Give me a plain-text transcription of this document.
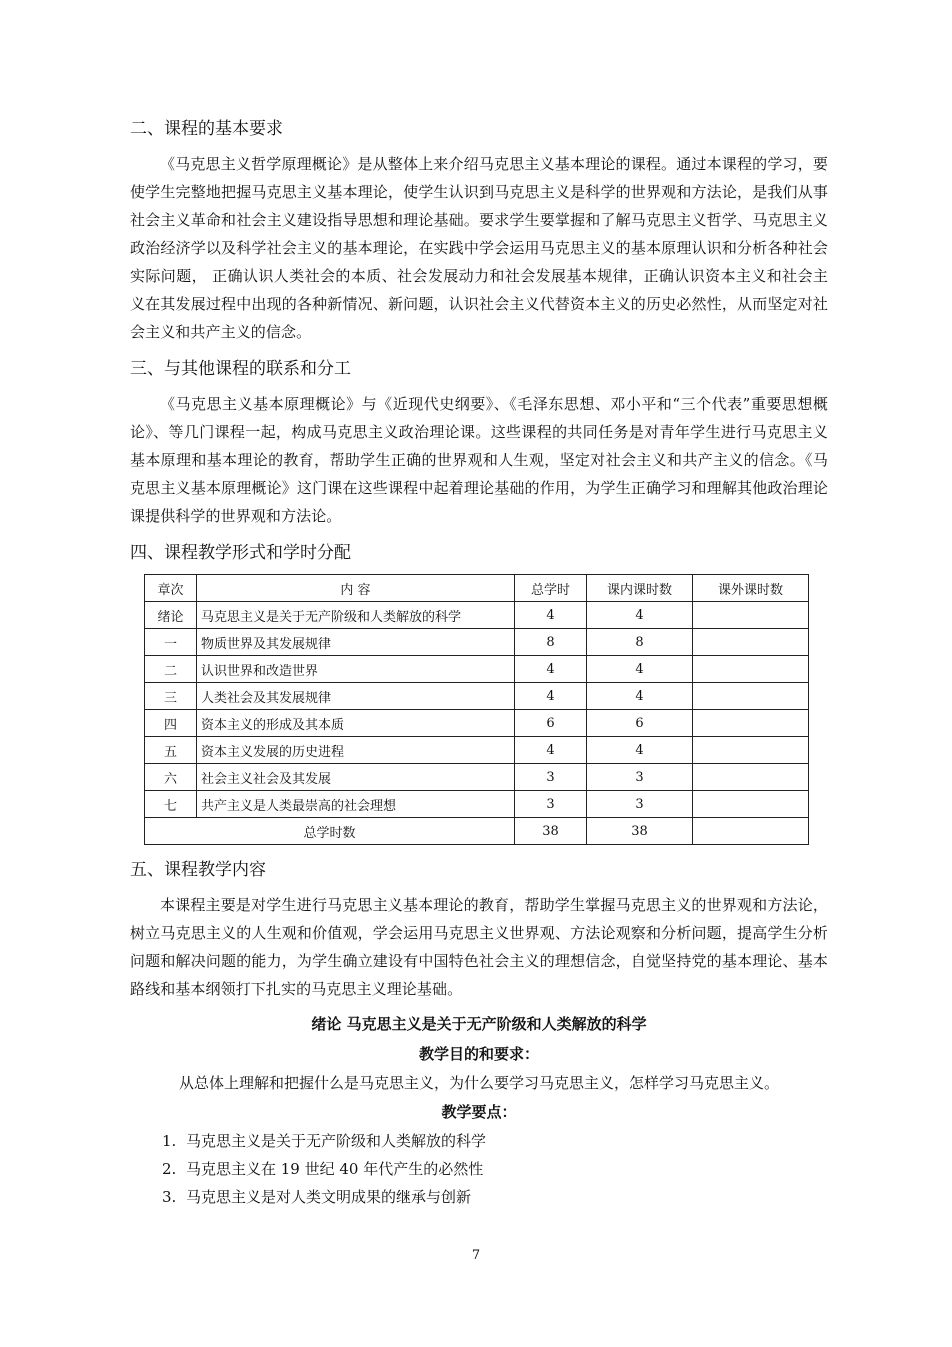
二、课程的基本要求

《马克思主义哲学原理概论》是从整体上来介绍马克思主义基本理论的课程。通过本课程的学习，要使学生完整地把握马克思主义基本理论，使学生认识到马克思主义是科学的世界观和方法论，是我们从事社会主义革命和社会主义建设指导思想和理论基础。要求学生要掌握和了解马克思主义哲学、马克思主义政治经济学以及科学社会主义的基本理论，在实践中学会运用马克思主义的基本原理认识和分析各种社会实际问题， 正确认识人类社会的本质、社会发展动力和社会发展基本规律，正确认识资本主义和社会主义在其发展过程中出现的各种新情况、新问题，认识社会主义代替资本主义的历史必然性，从而坚定对社会主义和共产主义的信念。

三、与其他课程的联系和分工

《马克思主义基本原理概论》与《近现代史纲要》、《毛泽东思想、邓小平和“三个代表”重要思想概论》、等几门课程一起，构成马克思主义政治理论课。这些课程的共同任务是对青年学生进行马克思主义基本原理和基本理论的教育，帮助学生正确的世界观和人生观，坚定对社会主义和共产主义的信念。《马克思主义基本原理概论》这门课在这些课程中起着理论基础的作用，为学生正确学习和理解其他政治理论课提供科学的世界观和方法论。

四、课程教学形式和学时分配
章次	内 容	总学时	课内课时数	课外课时数
绪论	马克思主义是关于无产阶级和人类解放的科学	4	4	
一	物质世界及其发展规律	8	8	
二	认识世界和改造世界	4	4	
三	人类社会及其发展规律	4	4	
四	资本主义的形成及其本质	6	6	
五	资本主义发展的历史进程	4	4	
六	社会主义社会及其发展	3	3	
七	共产主义是人类最崇高的社会理想	3	3	
总学时数		38	38	
五、课程教学内容

本课程主要是对学生进行马克思主义基本理论的教育，帮助学生掌握马克思主义的世界观和方法论，树立马克思主义的人生观和价值观，学会运用马克思主义世界观、方法论观察和分析问题，提高学生分析问题和解决问题的能力，为学生确立建设有中国特色社会主义的理想信念，自觉坚持党的基本理论、基本路线和基本纲领打下扎实的马克思主义理论基础。

绪论 马克思主义是关于无产阶级和人类解放的科学

教学目的和要求：

从总体上理解和把握什么是马克思主义，为什么要学习马克思主义，怎样学习马克思主义。

教学要点：

1. 马克思主义是关于无产阶级和人类解放的科学
2. 马克思主义在 19 世纪 40 年代产生的必然性
3. 马克思主义是对人类文明成果的继承与创新
7
